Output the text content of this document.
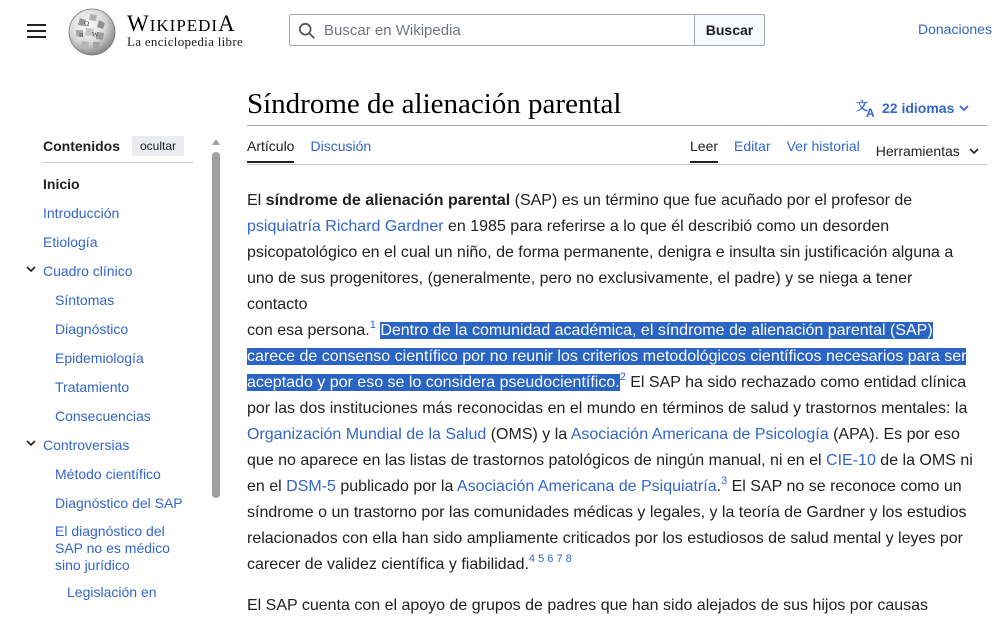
Ω
W
И WIKIPEDIA
La enciclopedia libre
Buscar en Wikipedia
Buscar	Donaciones
Síndrome de alienación parental	文
A 22 idiomas
Artículo Discusión	Leer Editar Ver historial Herramientas
Contenidos	ocultar
Inicio
Introducción
Etiología
Cuadro clínico
Síntomas
Diagnóstico
Epidemiología
Tratamiento
Consecuencias
Controversias
Método científico
Diagnóstico del SAP
El diagnóstico del
SAP no es médico
sino jurídico
Legislación en

El síndrome de alienación parental (SAP) es un término que fue acuñado por el profesor de
psiquiatría Richard Gardner en 1985 para referirse a lo que él describió como un desorden
psicopatológico en el cual un niño, de forma permanente, denigra e insulta sin justificación alguna a
uno de sus progenitores, (generalmente, pero no exclusivamente, el padre) y se niega a tener contacto
con esa persona.$^1$ Dentro de la comunidad académica, el síndrome de alienación parental (SAP)
carece de consenso científico por no reunir los criterios metodológicos científicos necesarios para ser
aceptado y por eso se lo considera pseudocientífico.$^2$ El SAP ha sido rechazado como entidad clínica
por las dos instituciones más reconocidas en el mundo en términos de salud y trastornos mentales: la
Organización Mundial de la Salud (OMS) y la Asociación Americana de Psicología (APA). Es por eso
que no aparece en las listas de trastornos patológicos de ningún manual, ni en el CIE-10 de la OMS ni
en el DSM-5 publicado por la Asociación Americana de Psiquiatría.$^3$ El SAP no se reconoce como un
síndrome o un trastorno por las comunidades médicas y legales, y la teoría de Gardner y los estudios
relacionados con ella han sido ampliamente criticados por los estudiosos de salud mental y leyes por
carecer de validez científica y fiabilidad.$^{4 5 6 7 8}$

El SAP cuenta con el apoyo de grupos de padres que han sido alejados de sus hijos por causas
